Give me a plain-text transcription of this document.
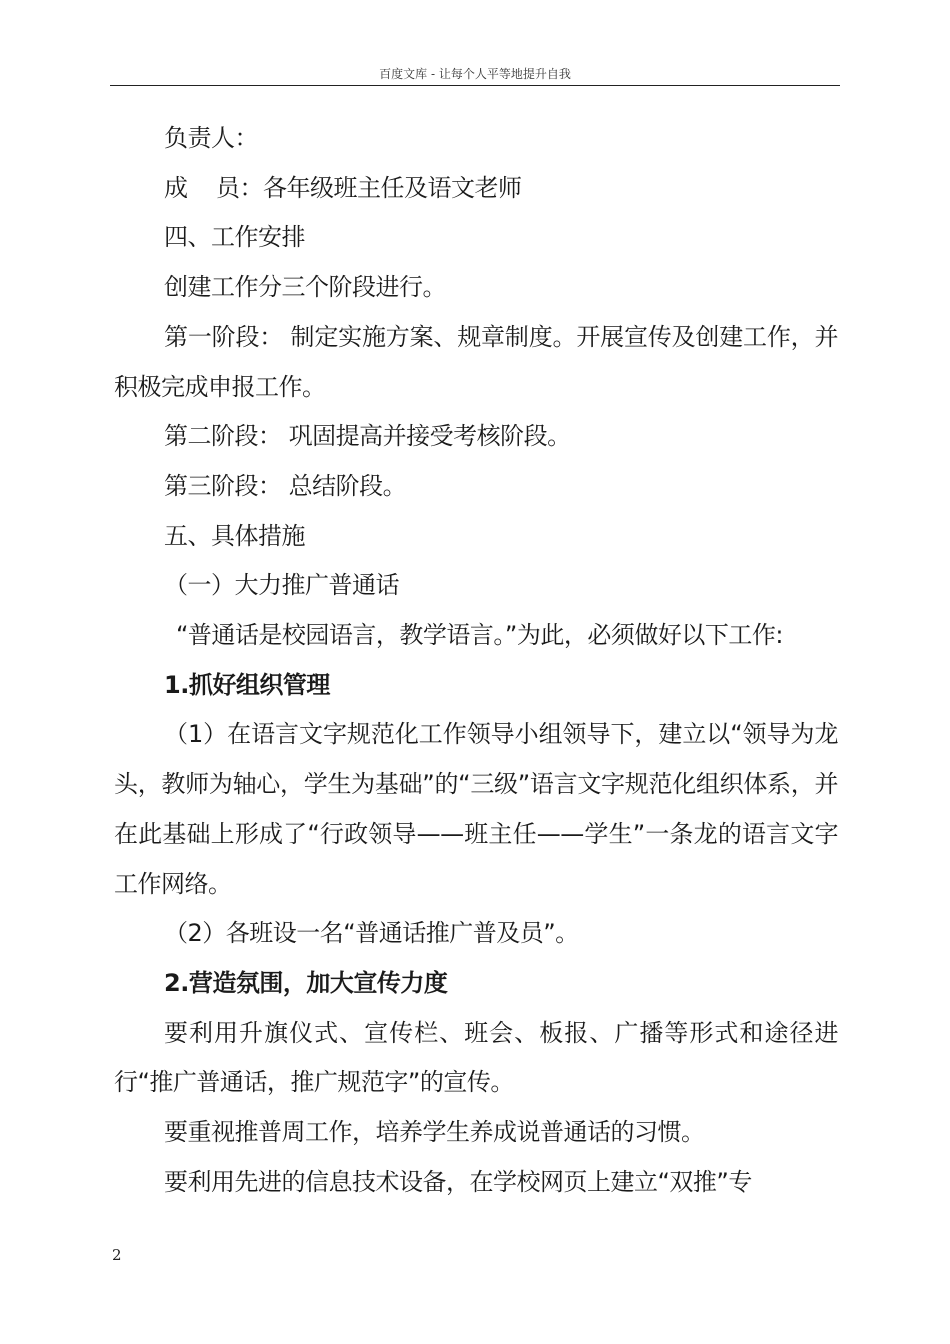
百度文库 - 让每个人平等地提升自我

负责人：

成    员：各年级班主任及语文老师

四、工作安排

创建工作分三个阶段进行。

第一阶段： 制定实施方案、规章制度。开展宣传及创建工作，并积极完成申报工作。

第二阶段： 巩固提高并接受考核阶段。

第三阶段： 总结阶段。

五、具体措施

（一）大力推广普通话

“普通话是校园语言，教学语言。”为此，必须做好以下工作:

1.抓好组织管理

（1）在语言文字规范化工作领导小组领导下，建立以“领导为龙头，教师为轴心，学生为基础”的“三级”语言文字规范化组织体系，并在此基础上形成了“行政领导——班主任——学生”一条龙的语言文字工作网络。

（2）各班设一名“普通话推广普及员”。

2.营造氛围，加大宣传力度

要利用升旗仪式、宣传栏、班会、板报、广播等形式和途径进行“推广普通话，推广规范字”的宣传。

要重视推普周工作，培养学生养成说普通话的习惯。

要利用先进的信息技术设备，在学校网页上建立“双推”专

2
